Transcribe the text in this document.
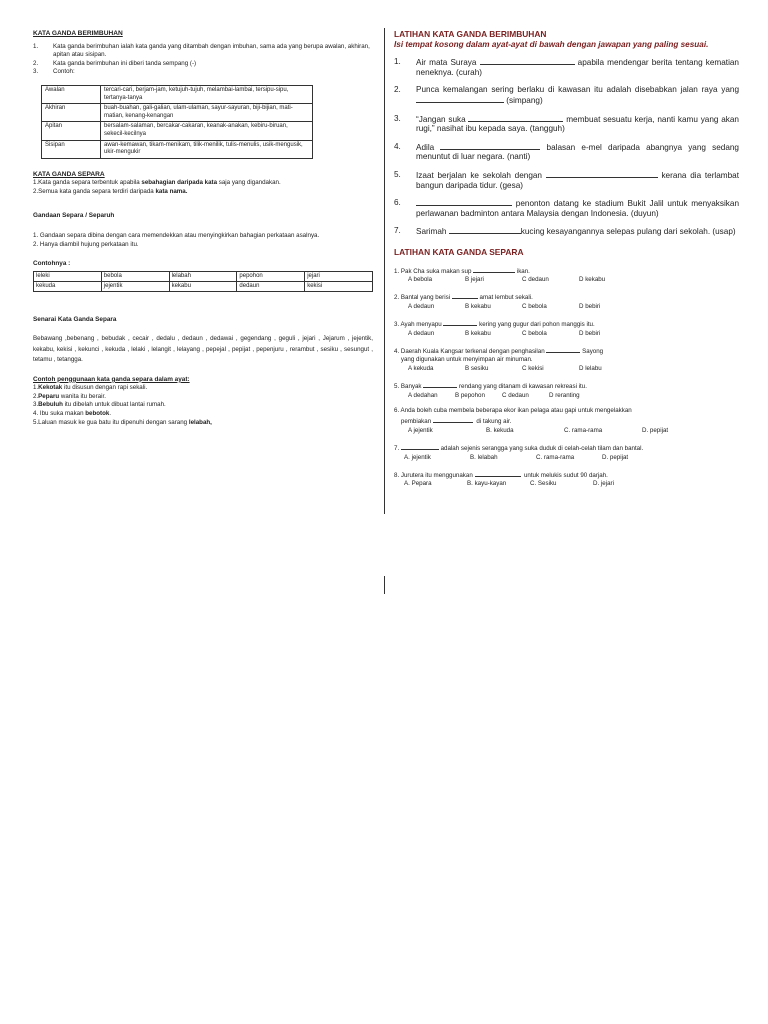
KATA GANDA BERIMBUHAN
1.	Kata ganda berimbuhan ialah kata ganda yang ditambah dengan imbuhan, sama ada yang berupa awalan, akhiran, apitan atau sisipan.
2.	Kata ganda berimbuhan ini diberi tanda sempang (-)
3.	Contoh:
Awalan	tercari-cari, berjam-jam, ketujuh-tujuh, melambai-lambai, tersipu-sipu, tertanya-tanya
Akhiran	buah-buahan, gali-galian, ulam-ulaman, sayur-sayuran, biji-bijian, mati-matian, kenang-kenangan
Apitan	bersalam-salaman, bercakar-cakaran, keanak-anakan, kebiru-biruan, sekecil-kecilnya
Sisipan	awan-kemawan, tikam-menikam, tilik-menilik, tulis-menulis, usik-mengusik, ukir-mengukir
KATA GANDA SEPARA

1.Kata ganda separa terbentuk apabila sebahagian daripada kata saja yang digandakan.

2.Semua kata ganda separa terdiri daripada kata nama.

Gandaan Separa / Separuh

1. Gandaan separa dibina dengan cara memendekkan atau menyingkirkan bahagian perkataan asalnya.

2. Hanya diambil hujung perkataan itu.

Contohnya :
leleki	bebola	lelabah	pepohon	jejari
kekuda	jejentik	kekabu	dedaun	kekisi
Senarai Kata Ganda Separa

Bebawang ,bebenang , bebudak , cecair , dedalu , dedaun , dedawai , gegendang , geguli , jejari , Jejarum , jejentik, kekabu, kekisi , kekunci , kekuda , lelaki , lelangit , lelayang , pepejal , pepijat , pepenjuru , rerambut , sesiku , sesungut , tetamu , tetangga.

Contoh penggunaan kata ganda separa dalam ayat:

1.Kekotak itu disusun dengan rapi sekali.

2.Peparu wanita itu berair.

3.Bebuluh itu dibelah untuk dibuat lantai rumah.

4. Ibu suka makan bebotok.

5.Laluan masuk ke gua batu itu dipenuhi dengan sarang lelabah,

LATIHAN KATA GANDA BERIMBUHAN
Isi tempat kosong dalam ayat-ayat di bawah dengan jawapan yang paling sesuai.
1.	Air mata Suraya	apabila mendengar berita tentang kematian neneknya. (curah)
2.	Punca kemalangan sering berlaku di kawasan itu adalah disebabkan jalan raya yang  (simpang)
3.	“Jangan suka	membuat sesuatu kerja, nanti kamu yang akan rugi,” nasihat ibu kepada saya. (tangguh)
4.	Adila	balasan e-mel daripada abangnya yang sedang menuntut di luar negara. (nanti)
5.	Izaat berjalan ke sekolah dengan	kerana dia terlambat bangun daripada tidur. (gesa)
6.	penonton datang ke stadium Bukit Jalil untuk menyaksikan perlawanan badminton antara Malaysia dengan Indonesia. (duyun)
7.	Sarimah	kucing kesayangannya selepas pulang dari sekolah. (usap)
LATIHAN KATA GANDA SEPARA
1. Pak Cha suka makan sup	ikan.
A bebola	B jejari	C dedaun	D kekabu
2. Bantal yang berisi	amat lembut sekali.
A dedaun	B kekabu	C bebola	D bebiri
3. Ayah menyapu	kering yang gugur dari pohon manggis itu.
A dedaun	B kekabu	C bebola	D bebiri
4. Daerah Kuala Kangsar terkenal dengan penghasilan	Sayong
yang digunakan untuk menyimpan air minuman.
A kekuda	B sesiku	C kekisi	D lelabu
5. Banyak	rendang yang ditanam di kawasan rekreasi itu.
A dedahan	B pepohon	C dedaun	D reranting
6. Anda boleh cuba membela beberapa ekor ikan pelaga atau gapi untuk mengelakkan
pembiakan	di takung air.
A jejentik	B. kekuda	C. rama-rama	D. pepijat
7.	adalah sejenis serangga yang suka duduk di celah-celah tilam dan bantal.
A. jejentik	B. lelabah	C. rama-rama	D. pepijat
8. Jurutera itu menggunakan	untuk melukis sudut 90 darjah.
A. Pepara	B. kayu-kayan	C. Sesiku	D. jejari
